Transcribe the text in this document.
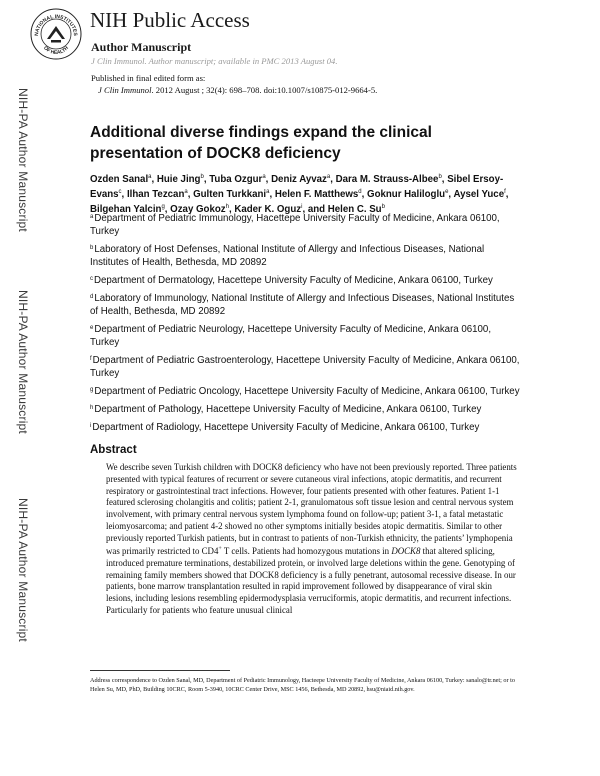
NATIONAL INSTITUTES
OF HEALTH
NIH Public Access
Author Manuscript
J Clin Immunol. Author manuscript; available in PMC 2013 August 04.
Published in final edited form as:
J Clin Immunol. 2012 August ; 32(4): 698–708. doi:10.1007/s10875-012-9664-5.
NIH-PA Author Manuscript
NIH-PA Author Manuscript
NIH-PA Author Manuscript
Additional diverse findings expand the clinical presentation of DOCK8 deficiency
Ozden Sanal$^a$, Huie Jing$^b$, Tuba Ozgur$^a$, Deniz Ayvaz$^a$, Dara M. Strauss-Albee$^b$, Sibel Ersoy-Evans$^c$, Ilhan Tezcan$^a$, Gulten Turkkani$^a$, Helen F. Matthews$^d$, Goknur Haliloglu$^e$, Aysel Yuce$^f$, Bilgehan Yalcin$^g$, Ozay Gokoz$^h$, Kader K. Oguz$^i$, and Helen C. Su$^b$
$^a$Department of Pediatric Immunology, Hacettepe University Faculty of Medicine, Ankara 06100, Turkey
$^b$Laboratory of Host Defenses, National Institute of Allergy and Infectious Diseases, National Institutes of Health, Bethesda, MD 20892
$^c$Department of Dermatology, Hacettepe University Faculty of Medicine, Ankara 06100, Turkey
$^d$Laboratory of Immunology, National Institute of Allergy and Infectious Diseases, National Institutes of Health, Bethesda, MD 20892
$^e$Department of Pediatric Neurology, Hacettepe University Faculty of Medicine, Ankara 06100, Turkey
$^f$Department of Pediatric Gastroenterology, Hacettepe University Faculty of Medicine, Ankara 06100, Turkey
$^g$Department of Pediatric Oncology, Hacettepe University Faculty of Medicine, Ankara 06100, Turkey
$^h$Department of Pathology, Hacettepe University Faculty of Medicine, Ankara 06100, Turkey
$^i$Department of Radiology, Hacettepe University Faculty of Medicine, Ankara 06100, Turkey
Abstract
We describe seven Turkish children with DOCK8 deficiency who have not been previously reported. Three patients presented with typical features of recurrent or severe cutaneous viral infections, atopic dermatitis, and recurrent respiratory or gastrointestinal tract infections. However, four patients presented with other features. Patient 1-1 featured sclerosing cholangitis and colitis; patient 2-1, granulomatous soft tissue lesion and central nervous system involvement, with primary central nervous system lymphoma found on follow-up; patient 3-1, a fatal metastatic leiomyosarcoma; and patient 4-2 showed no other symptoms initially besides atopic dermatitis. Similar to other previously reported Turkish patients, but in contrast to patients of non-Turkish ethnicity, the patients’ lymphopenia was primarily restricted to CD4+ T cells. Patients had homozygous mutations in DOCK8 that altered splicing, introduced premature terminations, destabilized protein, or involved large deletions within the gene. Genotyping of remaining family members showed that DOCK8 deficiency is a fully penetrant, autosomal recessive disease. In our patients, bone marrow transplantation resulted in rapid improvement followed by disappearance of viral skin lesions, including lesions resembling epidermodysplasia verruciformis, atopic dermatitis, and recurrent infections. Particularly for patients who feature unusual clinical
Address correspondence to Ozden Sanal, MD, Department of Pediatric Immunology, Hacteepe University Faculty of Medicine, Ankara 06100, Turkey: sanalo@tr.net; or to Helen Su, MD, PhD, Building 10CRC, Room 5-3940, 10CRC Center Drive, MSC 1456, Bethesda, MD 20892, hsu@niaid.nih.gov.
